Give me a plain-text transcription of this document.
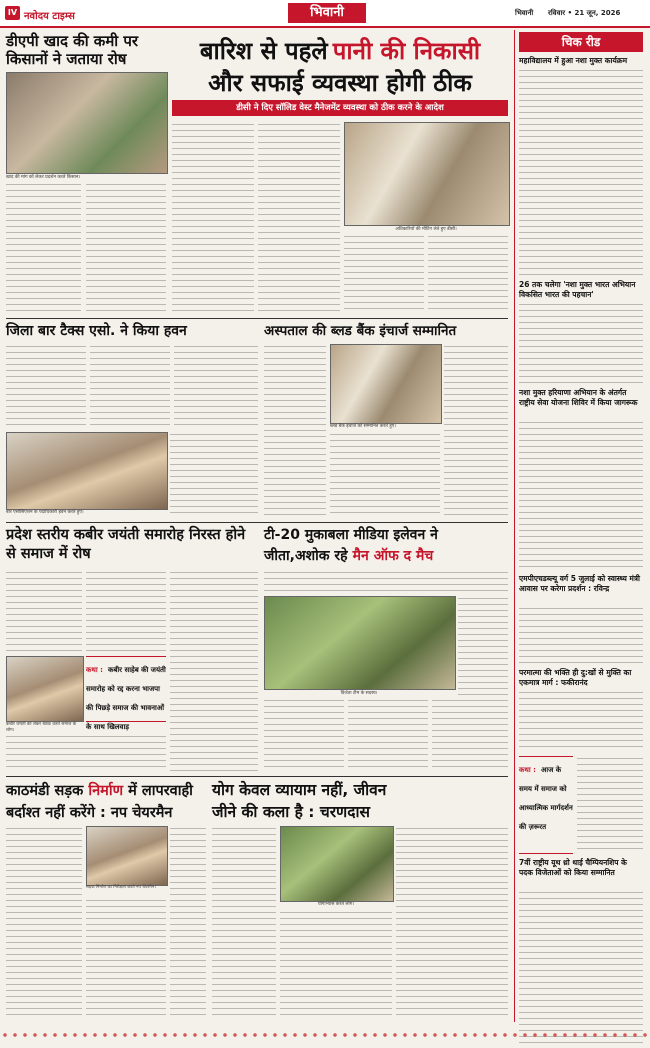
IV नवोदय टाइम्स	भिवानी	भिवानी रविवार • 21 जून, 2026
डीएपी खाद की कमी पर किसानों ने जताया रोष
खाद की मांग को लेकर प्रदर्शन करते किसान।
बारिश से पहले पानी की निकासी
और सफाई व्यवस्था होगी ठीक
डीसी ने दिए सॉलिड वेस्ट मैनेजमेंट व्यवस्था को ठीक करने के आदेश
अधिकारियों की मीटिंग लेते हुए डीसी।
जिला बार टैक्स एसो. ने किया हवन
बार एसोसिएशन के पदाधिकारी हवन करते हुए।
अस्पताल की ब्लड बैंक इंचार्ज सम्मानित
ब्लड बैंक इंचार्ज को सम्मानित करते हुए।
प्रदेश स्तरीय कबीर जयंती समारोह निरस्त होने से समाज में रोष
कबीर जयंती को लेकर बैठक करते समाज के लोग।
कथा : कबीर साहेब की जयंती समारोह को रद्द करना भाजपा की पिछड़े समाज की भावनाओं के साथ खिलवाड़
टी-20 मुकाबला मीडिया इलेवन ने
जीता,अशोक रहे मैन ऑफ द मैच
विजेता टीम के सदस्य।
काठमंडी सड़क निर्माण में लापरवाही
बर्दाश्त नहीं करेंगे : नप चेयरमैन
सड़क निर्माण का निरीक्षण करते नप चेयरमैन।
योग केवल व्यायाम नहीं, जीवन
जीने की कला है : चरणदास
योगाभ्यास करते लोग।
चिक रीड
महाविद्यालय में हुआ नशा मुक्त कार्यक्रम
26 तक चलेगा 'नशा मुक्त भारत अभियान विकसित भारत की पहचान'
नशा मुक्त हरियाणा अभियान के अंतर्गत राष्ट्रीय सेवा योजना शिविर में किया जागरूक
एमपीएचडब्ल्यू वर्ग 5 जुलाई को स्वास्थ्य मंत्री आवास पर करेगा प्रदर्शन : रविन्द्र
परमात्मा की भक्ति ही दु:खों से मुक्ति का एकमात्र मार्ग : फकीरानंद
कथा : आज के समय में समाज को आध्यात्मिक मार्गदर्शन की ज़रूरत
7वीं राष्ट्रीय यूथ थ्रो थाई चैम्पियनशिप के पदक विजेताओं को किया सम्मानित
